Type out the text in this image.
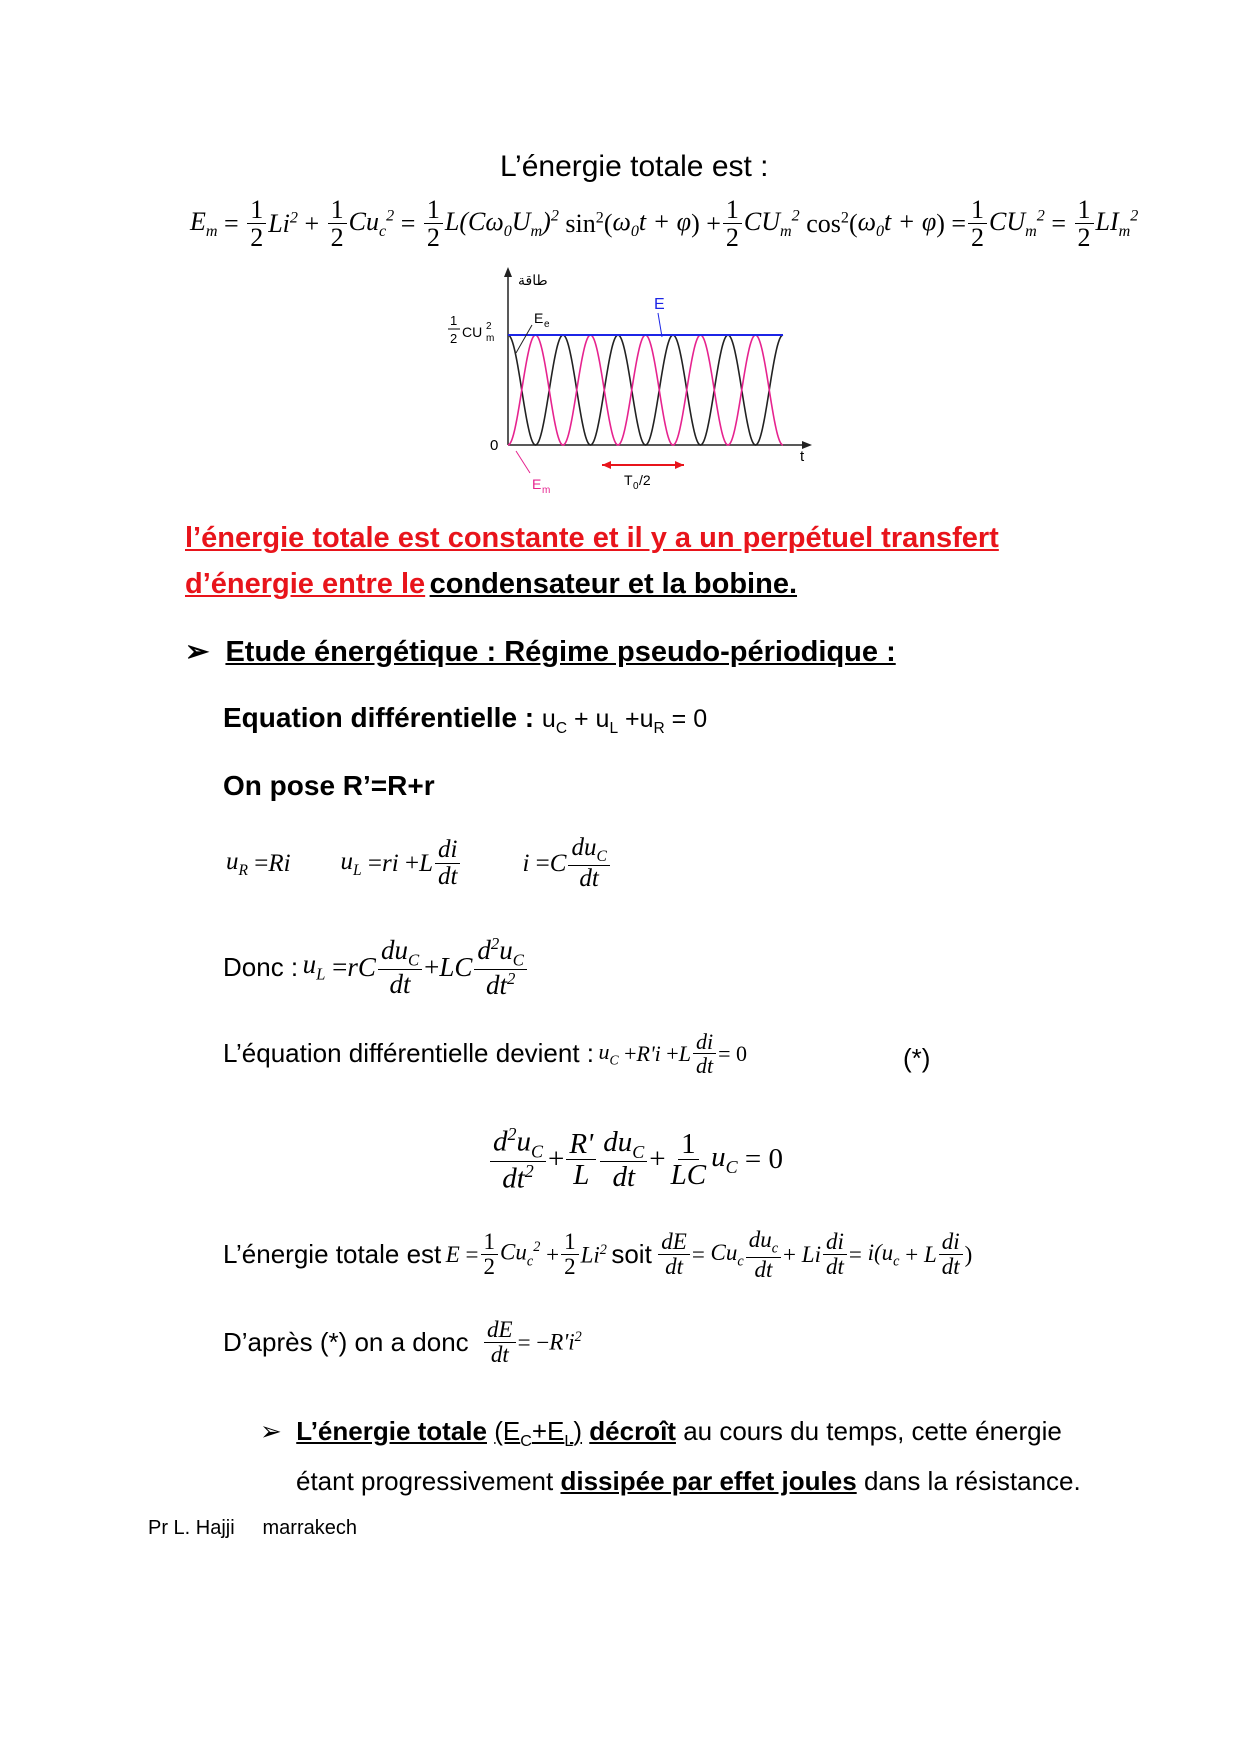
L’énergie totale est :
$E_m = \frac{1}{2} Li^2 + \frac{1}{2} Cu_c^2 = \frac{1}{2} L(C\omega_0U_m)^2$ $\sin^2$( $\omega_0t + \varphi$ ) + $\frac{1}{2} CU_m^2$ $\cos^2$( $\omega_0t + \varphi$ ) = $\frac{1}{2} CU_m^2 = \frac{1}{2} LI_m^2$
طاقة
1
2 CU 2
m
0
t
E
E e
E m
T 0 /2
l’énergie totale est constante et il y a un perpétuel transfert
d’énergie entre le condensateur et la bobine.
➢ Etude énergétique : Régime pseudo-périodique :
Equation différentielle : $u_C + u_L +u_R = 0$
On pose R’=R+r
$u_R = Ri$ $u_L$ = ri + L $\frac{di}{dt}$ i = C $\frac{du_C}{dt}$
Donc :
$u_L$ = rC $\frac{du_C}{dt}$ + LC $\frac{d^2u_C}{dt^2}$
L’équation différentielle devient :
$u_C + R'i + L \frac{di}{dt} = 0$	(*)
$\frac{d^2u_C}{dt^2} + \frac{R'}{L} \frac{du_C}{dt} + \frac{1}{LC} u_C = 0$
L’énergie totale est
$E = \frac{1}{2} Cu_c^2 + \frac{1}{2} Li^2$
soit
$\frac{dE}{dt} = Cu_c \frac{du_c}{dt} + Li \frac{di}{dt} = i(u_c + L \frac{di}{dt}$ )
D’après (*) on a donc
$\frac{dE}{dt}$ = − $R'i^2$
➢ L’énergie totale $(E_C+E_L)$ décroît au cours du temps, cette énergie
étant progressivement dissipée par effet joules dans la résistance.
Pr L. Hajji marrakech
